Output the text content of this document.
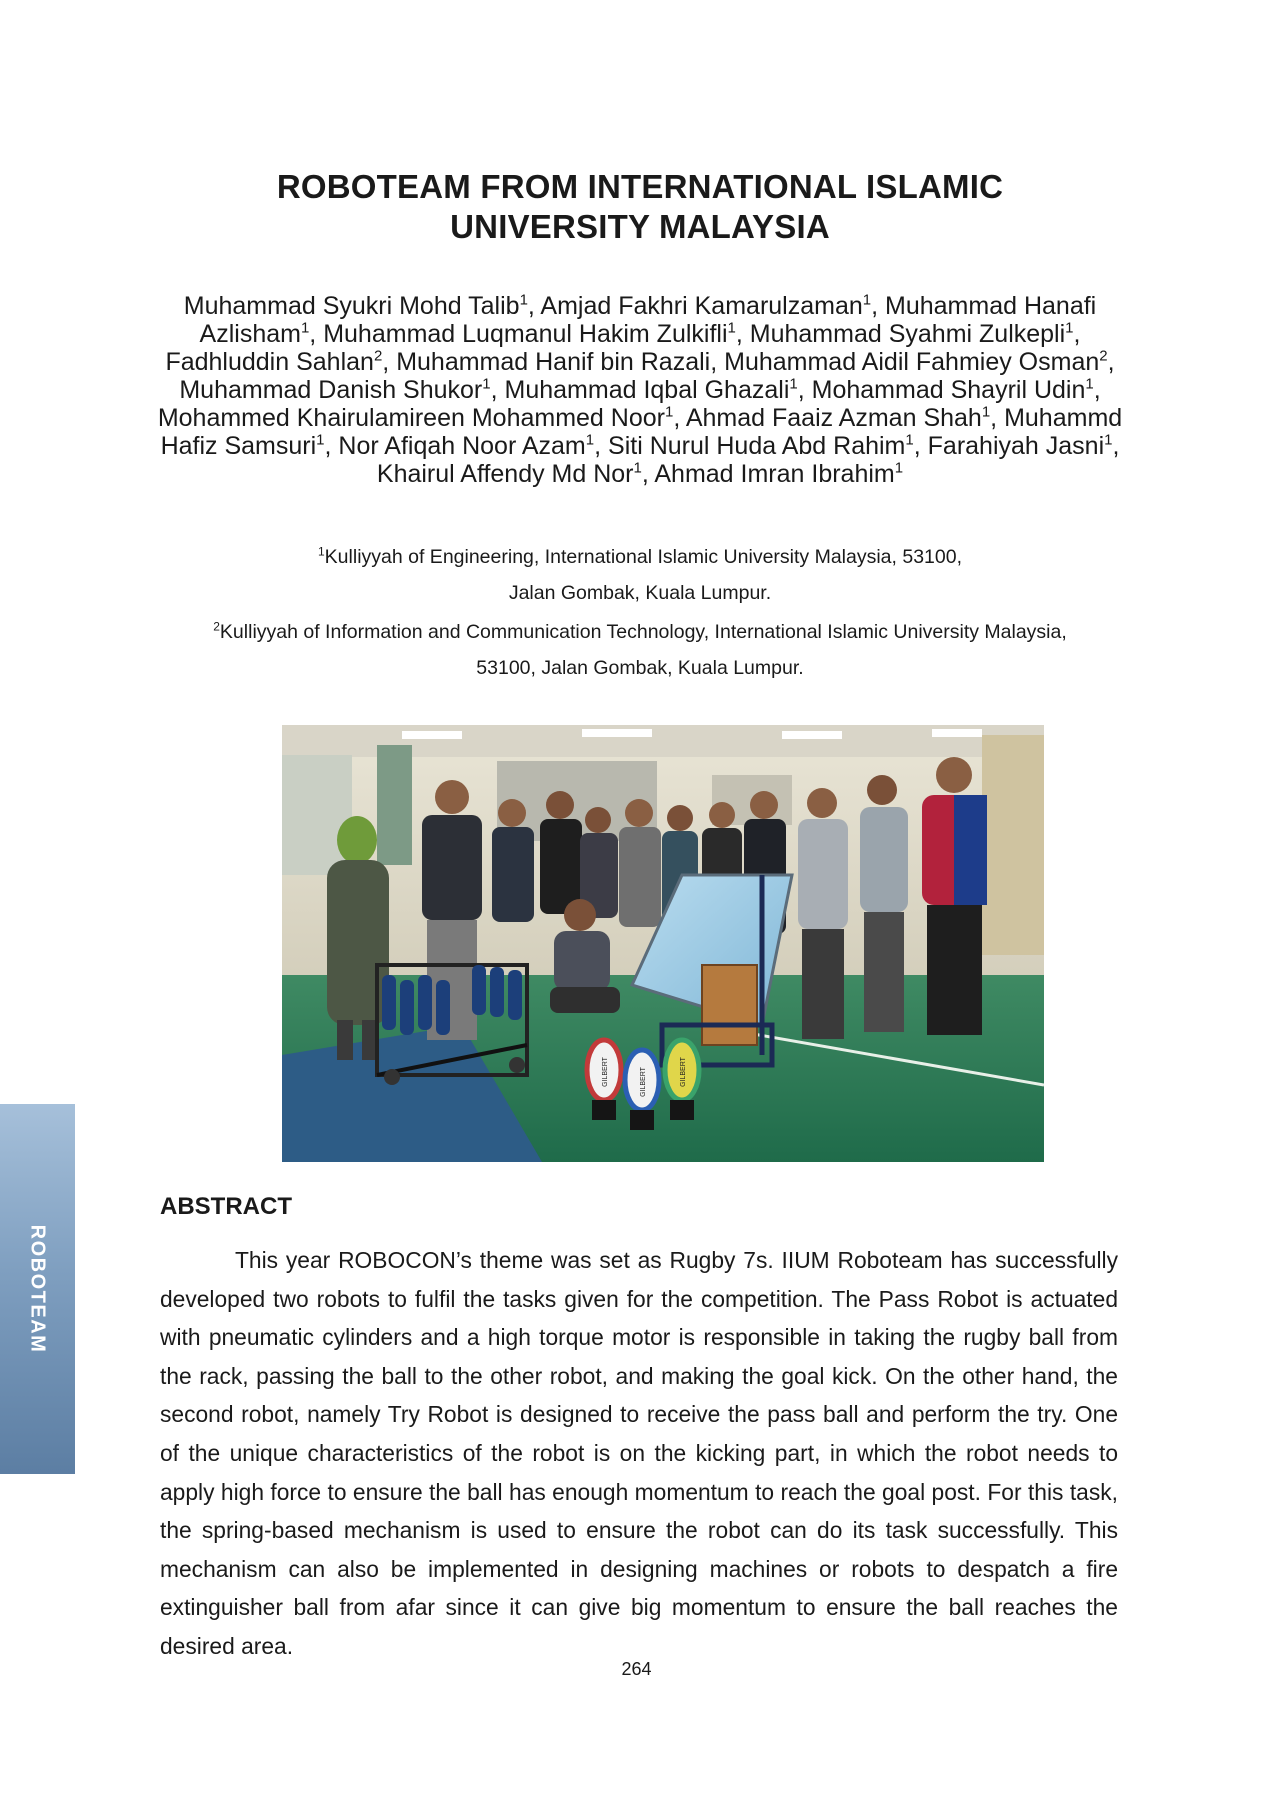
ROBOTEAM FROM INTERNATIONAL ISLAMIC
UNIVERSITY MALAYSIA
Muhammad Syukri Mohd Talib$^1$, Amjad Fakhri Kamarulzaman$^1$, Muhammad Hanafi Azlisham$^1$, Muhammad Luqmanul Hakim Zulkifli$^1$, Muhammad Syahmi Zulkepli$^1$, Fadhluddin Sahlan$^2$, Muhammad Hanif bin Razali, Muhammad Aidil Fahmiey Osman$^2$, Muhammad Danish Shukor$^1$, Muhammad Iqbal Ghazali$^1$, Mohammad Shayril Udin$^1$, Mohammed Khairulamireen Mohammed Noor$^1$, Ahmad Faaiz Azman Shah$^1$, Muhammd Hafiz Samsuri$^1$, Nor Afiqah Noor Azam$^1$, Siti Nurul Huda Abd Rahim$^1$, Farahiyah Jasni$^1$, Khairul Affendy Md Nor$^1$, Ahmad Imran Ibrahim$^1$
$^1$Kulliyyah of Engineering, International Islamic University Malaysia, 53100,
Jalan Gombak, Kuala Lumpur.
$^2$Kulliyyah of Information and Communication Technology, International Islamic University Malaysia,
53100, Jalan Gombak, Kuala Lumpur.
GILBERT	GILBERT	GILBERT
ROBOTEAM
ABSTRACT
This year ROBOCON’s theme was set as Rugby 7s. IIUM Roboteam has successfully developed two robots to fulfil the tasks given for the competition. The Pass Robot is actuated with pneumatic cylinders and a high torque motor is responsible in taking the rugby ball from the rack, passing the ball to the other robot, and making the goal kick. On the other hand, the second robot, namely Try Robot is designed to receive the pass ball and perform the try. One of the unique characteristics of the robot is on the kicking part, in which the robot needs to apply high force to ensure the ball has enough momentum to reach the goal post. For this task, the spring-based mechanism is used to ensure the robot can do its task successfully. This mechanism can also be implemented in designing machines or robots to despatch a fire extinguisher ball from afar since it can give big momentum to ensure the ball reaches the desired area.
264
